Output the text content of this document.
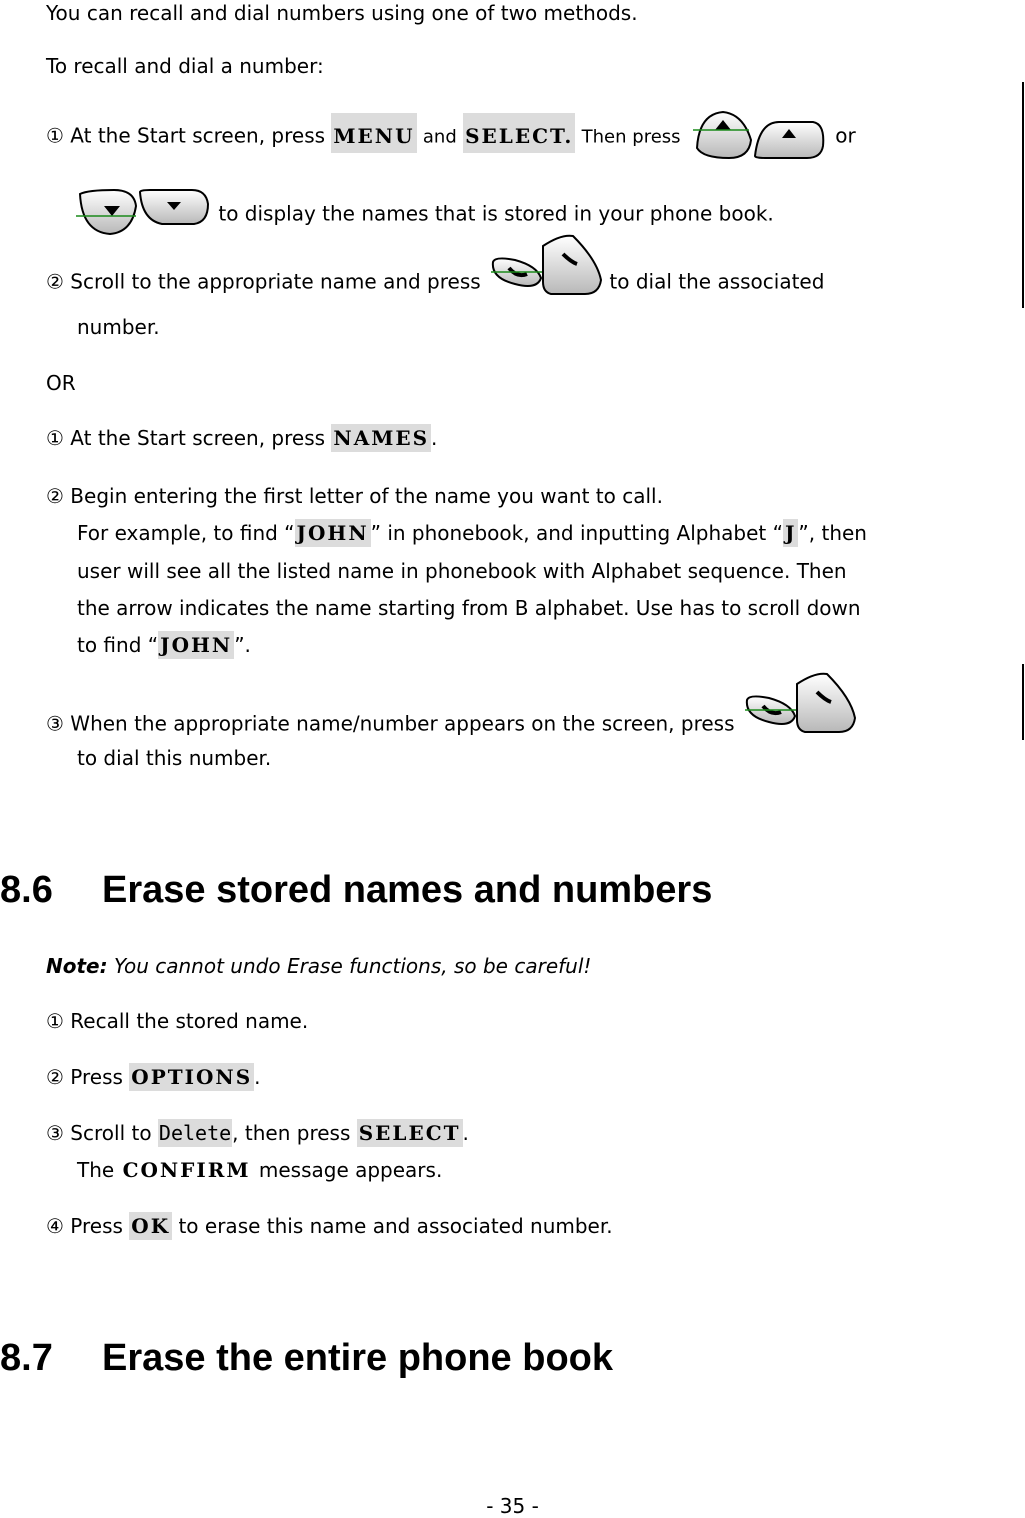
You can recall and dial numbers using one of two methods.
To recall and dial a number:
① At the Start screen, press MENU and SELECT. Then press	or
to display the names that is stored in your phone book.
② Scroll to the appropriate name and press	to dial the associated
number.
OR
① At the Start screen, press NAMES .
② Begin entering the first letter of the name you want to call.
For example, to find “ JOHN ” in phonebook, and inputting Alphabet “ J ”, then
user will see all the listed name in phonebook with Alphabet sequence. Then
the arrow indicates the name starting from B alphabet. Use has to scroll down
to find “ JOHN ”.
③ When the appropriate name/number appears on the screen, press
to dial this number.
8.6 Erase stored names and numbers
Note: You cannot undo Erase functions, so be careful!
① Recall the stored name.
② Press OPTIONS .
③ Scroll to Delete, then press SELECT .
The CONFIRM message appears.
④ Press OK to erase this name and associated number.
8.7 Erase the entire phone book
- 35 -
